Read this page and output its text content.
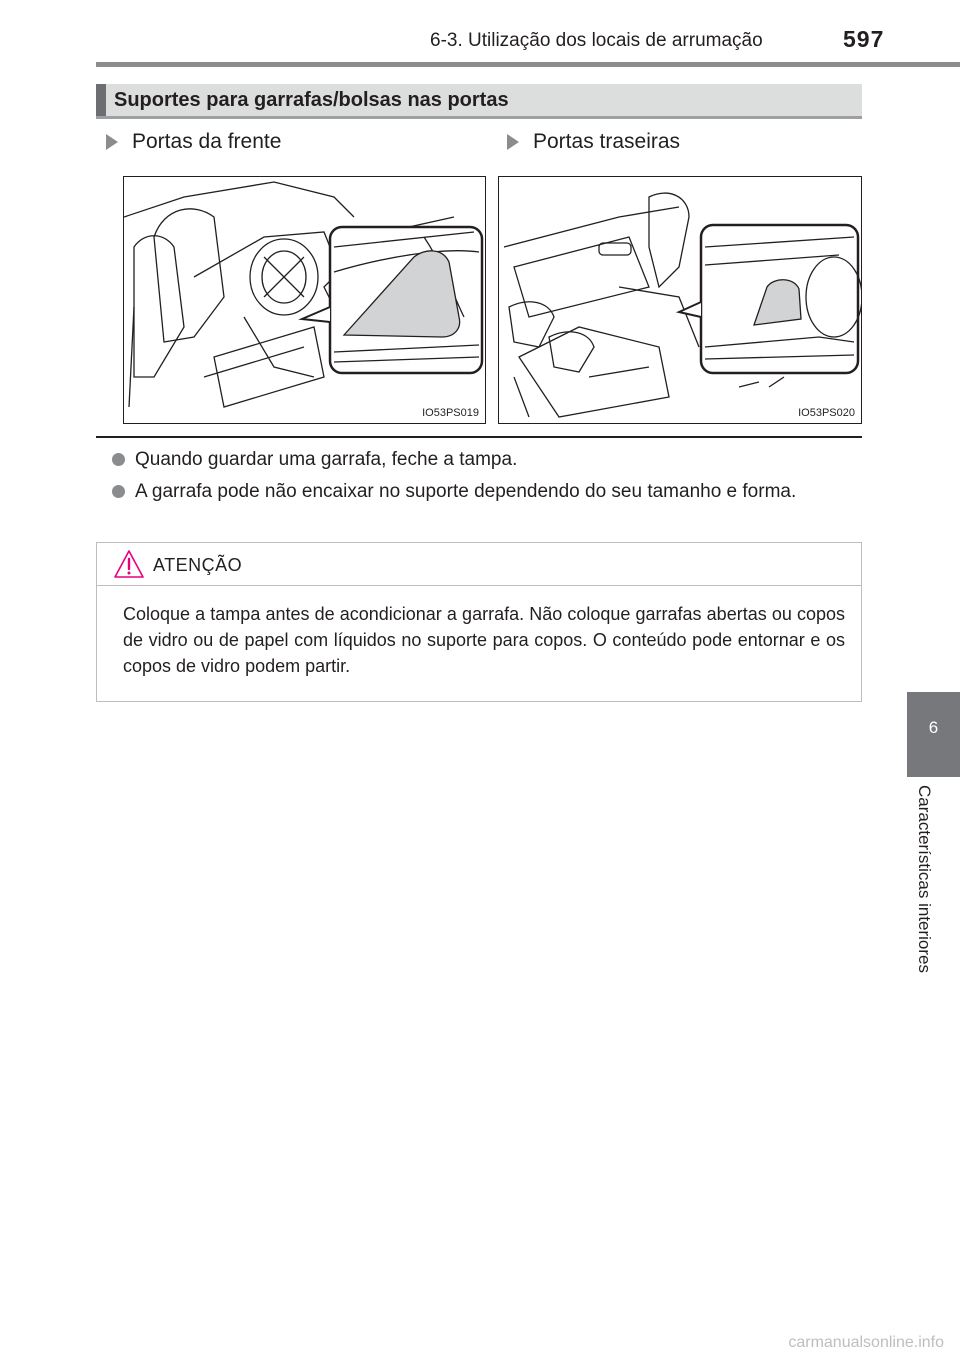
6-3. Utilização dos locais de arrumação	597
6
Características interiores
Suportes para garrafas/bolsas nas portas
Portas da frente	Portas traseiras
IO53PS019	IO53PS020
Quando guardar uma garrafa, feche a tampa.
A garrafa pode não encaixar no suporte dependendo do seu tamanho e forma.
ATENÇÃO
Coloque a tampa antes de acondicionar a garrafa. Não coloque garrafas abertas ou copos de vidro ou de papel com líquidos no suporte para copos. O conteúdo pode entornar e os copos de vidro podem partir.
carmanualsonline.info
